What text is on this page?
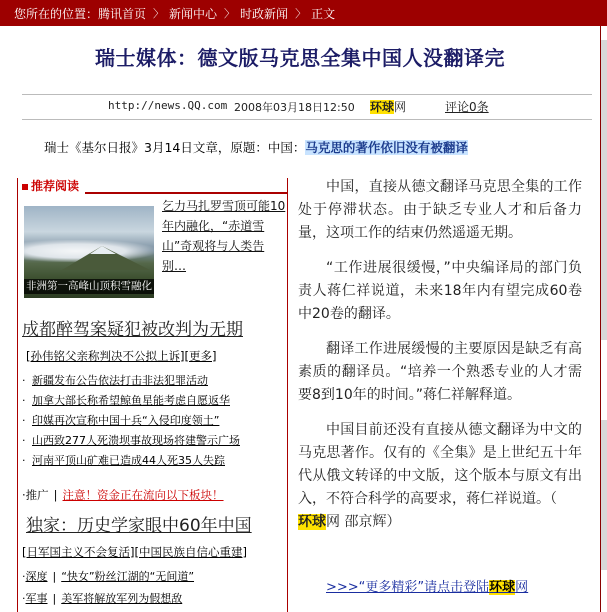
您所在的位置： 腾讯首页 〉 新闻中心 〉 时政新闻 〉 正文
瑞士媒体：德文版马克思全集中国人没翻译完
http://news.QQ.com 2008年03月18日12:50 环球网	评论0条
瑞士《基尔日报》3月14日文章，原题：中国：马克思的著作依旧没有被翻译
推荐阅读
非洲第一高峰山顶积雪融化
乞力马扎罗雪顶可能10年内融化，“赤道雪山”奇观将与人类告别…
成都醉驾案疑犯被改判为无期
[孙伟铭父亲称判决不公拟上诉][更多]
· 新疆发布公告依法打击非法犯罪活动
· 加拿大部长称希望鲸鱼星能考虑自愿返华
· 印媒再次宣称中国十兵“入侵印度领土”
· 山西致277人死溃坝事故现场将建警示广场
· 河南平顶山矿难已造成44人死35人失踪
·推广 | 注意！资金正在流向以下板块！
独家：历史学家眼中60年中国
[日军国主义不会复活][中国民族自信心重建]
·深度 | “快女”粉丝江湖的“无间道”
·军事 | 美军将解放军列为假想敌

中国，直接从德文翻译马克思全集的工作处于停滞状态。由于缺乏专业人才和后备力量，这项工作的结束仍然遥遥无期。

“工作进展很缓慢，”中央编译局的部门负责人蒋仁祥说道，未来18年内有望完成60卷中20卷的翻译。

翻译工作进展缓慢的主要原因是缺乏有高素质的翻译员。“培养一个熟悉专业的人才需要8到10年的时间。”蒋仁祥解释道。

中国目前还没有直接从德文翻译为中文的马克思著作。仅有的《全集》是上世纪五十年代从俄文转译的中文版，这个版本与原文有出入，不符合科学的高要求，蒋仁祥说道。（
环球网 邵京辉）

>>>“更多精彩”请点击登陆环球网
